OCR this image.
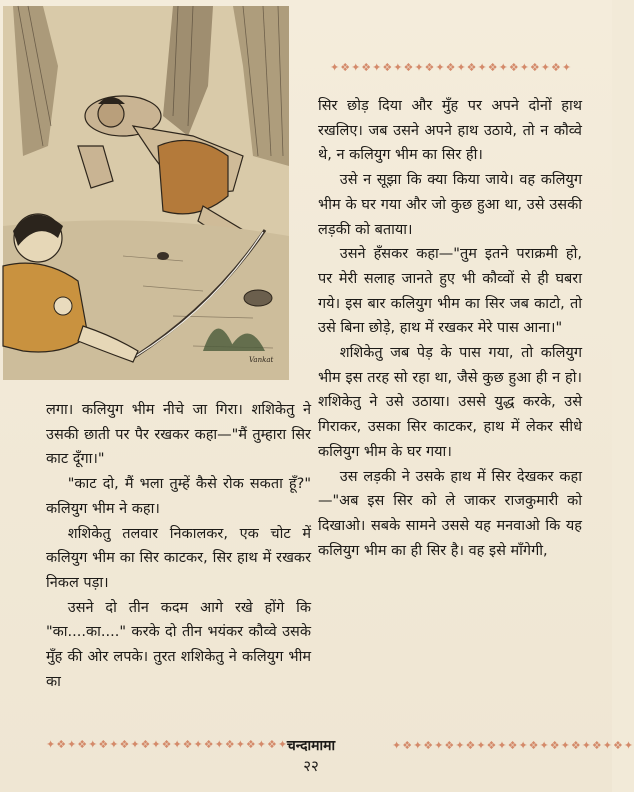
Vankat
✦❖✦❖✦❖✦❖✦❖✦❖✦❖✦❖✦❖✦❖✦❖✦

सिर छोड़ दिया और मुँह पर अपने दोनों हाथ रखलिए। जब उसने अपने हाथ उठाये, तो न कौव्वे थे, न कलियुग भीम का सिर ही।

उसे न सूझा कि क्या किया जाये। वह कलियुग भीम के घर गया और जो कुछ हुआ था, उसे उसकी लड़की को बताया।

उसने हँसकर कहा—"तुम इतने पराक्रमी हो, पर मेरी सलाह जानते हुए भी कौव्वों से ही घबरा गये। इस बार कलियुग भीम का सिर जब काटो, तो उसे बिना छोड़े, हाथ में रखकर मेरे पास आना।"

शशिकेतु जब पेड़ के पास गया, तो कलियुग भीम इस तरह सो रहा था, जैसे कुछ हुआ ही न हो। शशिकेतु ने उसे उठाया। उससे युद्ध करके, उसे गिराकर, उसका सिर काटकर, हाथ में लेकर सीधे कलियुग भीम के घर गया।

उस लड़की ने उसके हाथ में सिर देखकर कहा—"अब इस सिर को ले जाकर राजकुमारी को दिखाओ। सबके सामने उससे यह मनवाओ कि यह कलियुग भीम का ही सिर है। वह इसे माँगेगी,

लगा। कलियुग भीम नीचे जा गिरा। शशिकेतु ने उसकी छाती पर पैर रखकर कहा—"मैं तुम्हारा सिर काट दूँगा।"

"काट दो, मैं भला तुम्हें कैसे रोक सकता हूँ?" कलियुग भीम ने कहा।

शशिकेतु तलवार निकालकर, एक चोट में कलियुग भीम का सिर काटकर, सिर हाथ में रखकर निकल पड़ा।

उसने दो तीन कदम आगे रखे होंगे कि "का....का...." करके दो तीन भयंकर कौव्वे उसके मुँह की ओर लपके। तुरत शशिकेतु ने कलियुग भीम का

✦❖✦❖✦❖✦❖✦❖✦❖✦❖✦❖✦❖✦❖✦❖✦
चन्दामामा	✦❖✦❖✦❖✦❖✦❖✦❖✦❖✦❖✦❖✦❖✦❖✦
२२
